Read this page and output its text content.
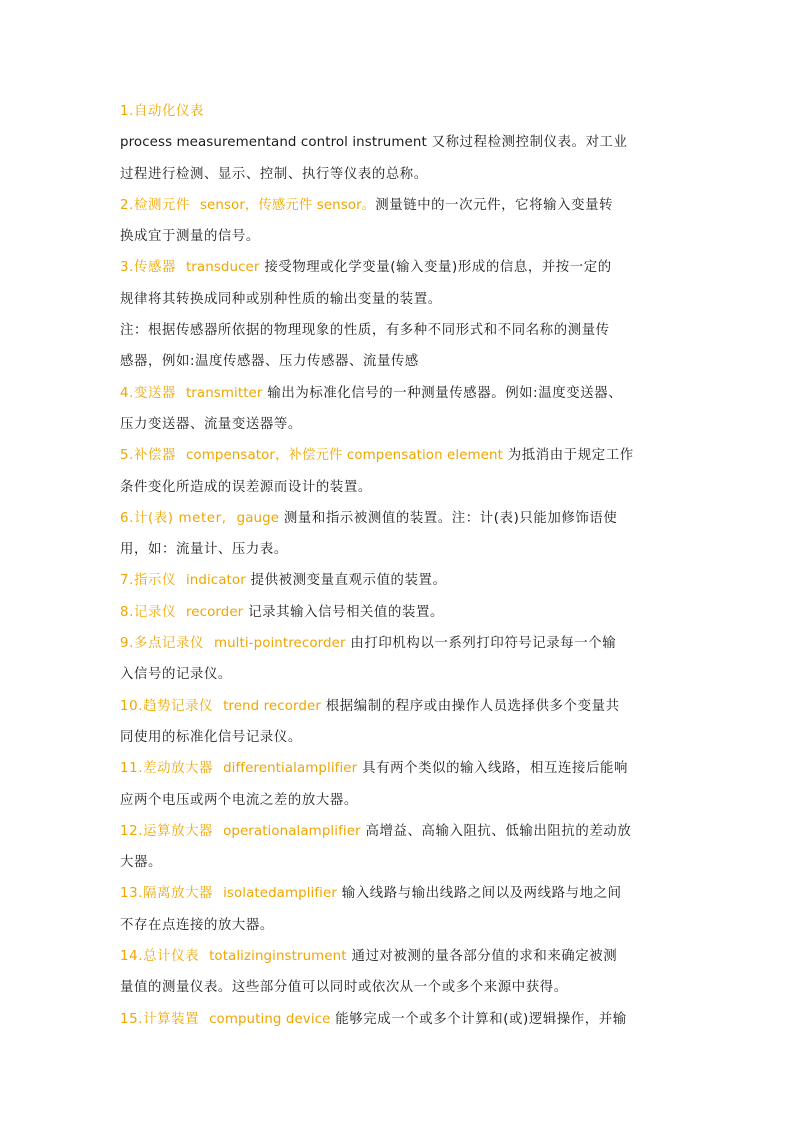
1.自动化仪表
process measurementand control instrument 又称过程检测控制仪表。对工业
过程进行检测、显示、控制、执行等仪表的总称。
2.检测元件 sensor，传感元件 sensor。测量链中的一次元件，它将输入变量转
换成宜于测量的信号。
3.传感器 transducer 接受物理或化学变量(输入变量)形成的信息，并按一定的
规律将其转换成同种或别种性质的输出变量的装置。
注：根据传感器所依据的物理现象的性质，有多种不同形式和不同名称的测量传
感器，例如:温度传感器、压力传感器、流量传感
4.变送器 transmitter 输出为标准化信号的一种测量传感器。例如:温度变送器、
压力变送器、流量变送器等。
5.补偿器 compensator，补偿元件 compensation element 为抵消由于规定工作
条件变化所造成的误差源而设计的装置。
6.计(表) meter, gauge 测量和指示被测值的装置。注：计(表)只能加修饰语使
用，如：流量计、压力表。
7.指示仪 indicator 提供被测变量直观示值的装置。
8.记录仪 recorder 记录其输入信号相关值的装置。
9.多点记录仪 multi-pointrecorder 由打印机构以一系列打印符号记录每一个输
入信号的记录仪。
10.趋势记录仪 trend recorder 根据编制的程序或由操作人员选择供多个变量共
同使用的标准化信号记录仪。
11.差动放大器 differentialamplifier 具有两个类似的输入线路，相互连接后能响
应两个电压或两个电流之差的放大器。
12.运算放大器 operationalamplifier 高增益、高输入阻抗、低输出阻抗的差动放
大器。
13.隔离放大器 isolatedamplifier 输入线路与输出线路之间以及两线路与地之间
不存在点连接的放大器。
14.总计仪表 totalizinginstrument 通过对被测的量各部分值的求和来确定被测
量值的测量仪表。这些部分值可以同时或依次从一个或多个来源中获得。
15.计算装置 computing device 能够完成一个或多个计算和(或)逻辑操作，并输
